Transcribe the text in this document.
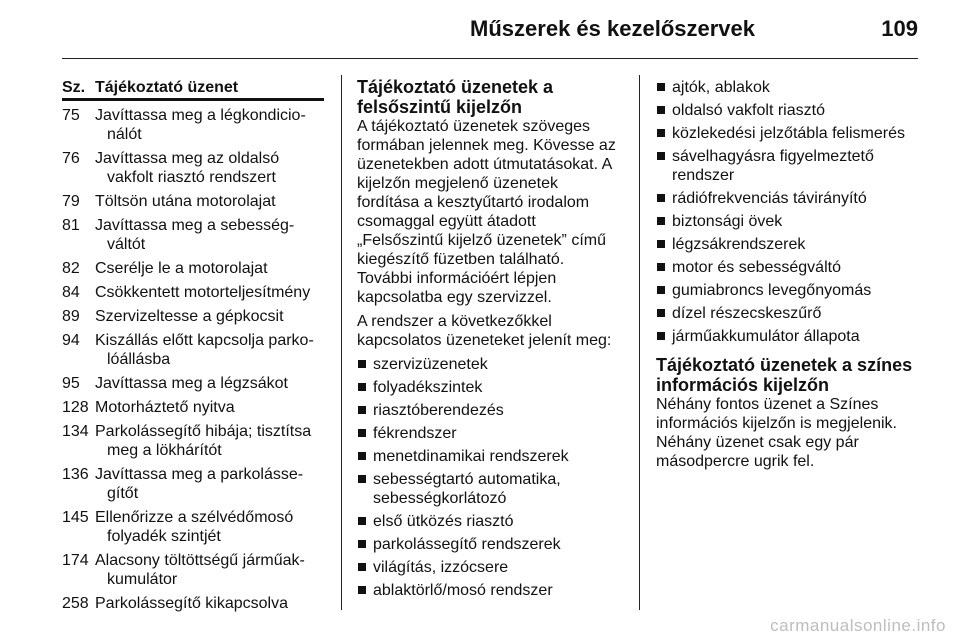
Műszerek és kezelőszervek	109
Sz. Tájékoztató üzenet
75 Javíttassa meg a légkondicio-
nálót
76 Javíttassa meg az oldalsó
vakfolt riasztó rendszert
79 Töltsön utána motorolajat
81 Javíttassa meg a sebesség-
váltót
82 Cserélje le a motorolajat
84 Csökkentett motorteljesítmény
89 Szervizeltesse a gépkocsit
94 Kiszállás előtt kapcsolja parko-
lóállásba
95 Javíttassa meg a légzsákot
128 Motorháztető nyitva
134 Parkolássegítő hibája; tisztítsa
meg a lökhárítót
136 Javíttassa meg a parkolásse-
gítőt
145 Ellenőrizze a szélvédőmosó
folyadék szintjét
174 Alacsony töltöttségű járműak-
kumulátor
258 Parkolássegítő kikapcsolva
Tájékoztató üzenetek a
felsőszintű kijelzőn
A tájékoztató üzenetek szöveges
formában jelennek meg. Kövesse az
üzenetekben adott útmutatásokat. A
kijelzőn megjelenő üzenetek
fordítása a kesztyűtartó irodalom
csomaggal együtt átadott
„Felsőszintű kijelző üzenetek” című
kiegészítő füzetben található.
További információért lépjen
kapcsolatba egy szervizzel.
A rendszer a következőkkel
kapcsolatos üzeneteket jelenít meg:
szervizüzenetek
folyadékszintek
riasztóberendezés
fékrendszer
menetdinamikai rendszerek
sebességtartó automatika,
sebességkorlátozó
első ütközés riasztó
parkolássegítő rendszerek
világítás, izzócsere
ablaktörlő/mosó rendszer
ajtók, ablakok
oldalsó vakfolt riasztó
közlekedési jelzőtábla felismerés
sávelhagyásra figyelmeztető
rendszer
rádiófrekvenciás távirányító
biztonsági övek
légzsákrendszerek
motor és sebességváltó
gumiabroncs levegőnyomás
dízel részecskeszűrő
járműakkumulátor állapota
Tájékoztató üzenetek a színes
információs kijelzőn
Néhány fontos üzenet a Színes
információs kijelzőn is megjelenik.
Néhány üzenet csak egy pár
másodpercre ugrik fel.
carmanualsonline.info
